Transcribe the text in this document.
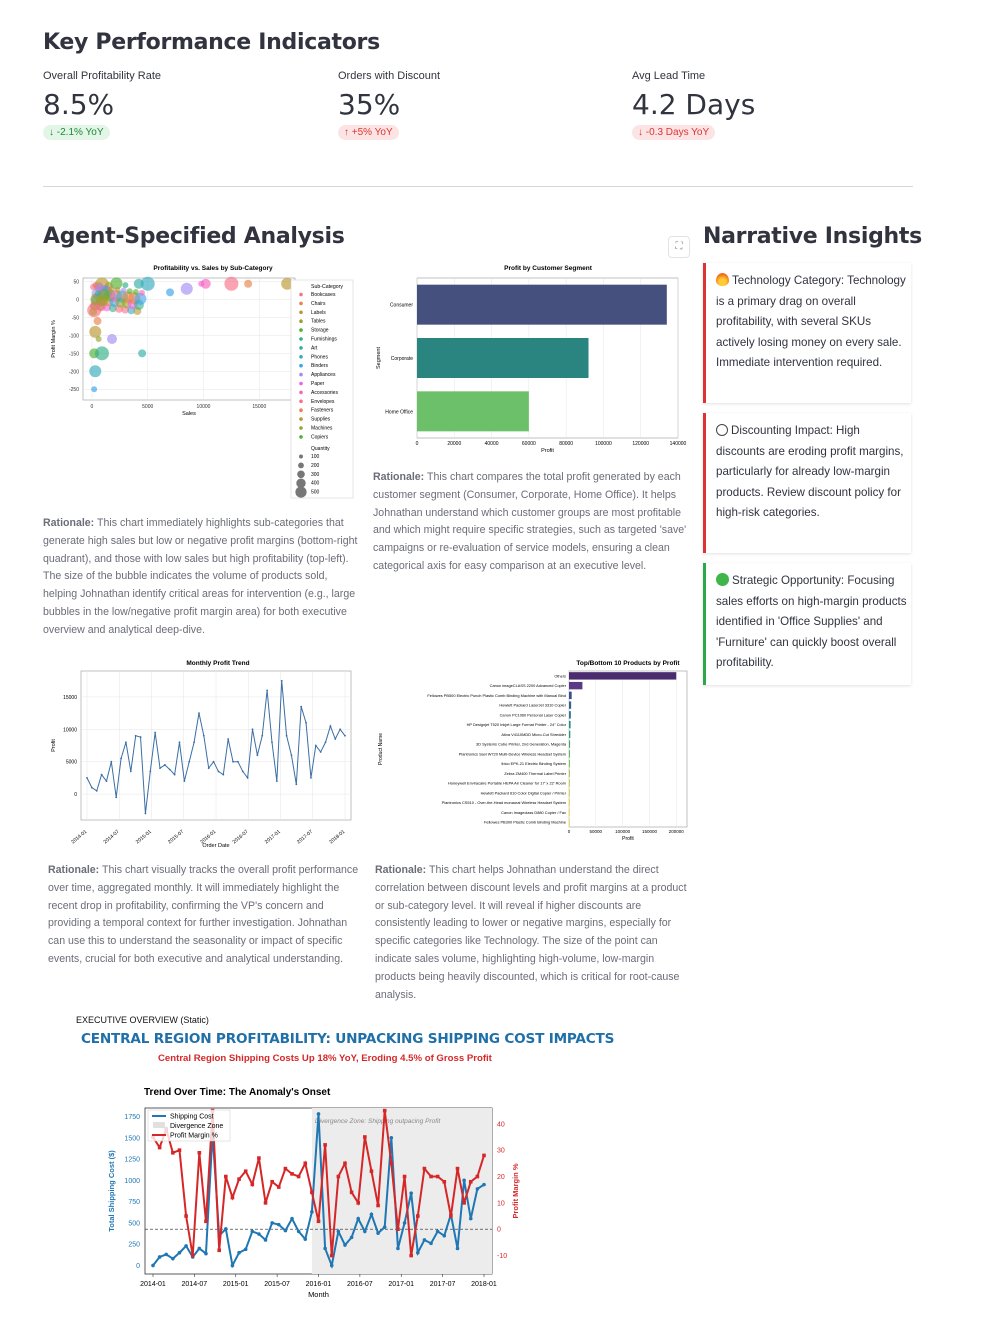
Key Performance Indicators
Overall Profitability Rate
8.5%
↓ -2.1% YoY
Orders with Discount
35%
↑ +5% YoY
Avg Lead Time
4.2 Days
↓ -0.3 Days YoY
Agent-Specified Analysis	⛶ Narrative Insights
Profitability vs. Sales by Sub-Category
50
0
-50
-100
-150
-200
-250
0	5000	10000	15000
Sales
Profit Margin %
Sub-Category
Bookcases
Chairs
Labels
Tables
Storage
Furnishings
Art
Phones
Binders
Appliances
Paper
Accessories
Envelopes
Fasteners
Supplies
Machines
Copiers
Quantity
100
200
300
400
500
Profit by Customer Segment
0	20000	40000	60000	80000	100000	120000	140000
Consumer
Corporate
Home Office
Profit
Segment
Rationale: This chart immediately highlights sub-categories that generate high sales but low or negative profit margins (bottom-right quadrant), and those with low sales but high profitability (top-left). The size of the bubble indicates the volume of products sold, helping Johnathan identify critical areas for intervention (e.g., large bubbles in the low/negative profit margin area) for both executive overview and analytical deep-dive.
Rationale: This chart compares the total profit generated by each customer segment (Consumer, Corporate, Home Office). It helps Johnathan understand which customer groups are most profitable and which might require specific strategies, such as targeted 'save' campaigns or re-evaluation of service models, ensuring a clean categorical axis for easy comparison at an executive level.
Monthly Profit Trend
15000
10000
5000
0
2014-01	2014-07	2015-01	2015-07	2016-01	2016-07	2017-01	2017-07	2018-01
Order Date
Profit
Top/Bottom 10 Products by Profit
0	50000	100000	150000	200000
Others
Canon imageCLASS 2200 Advanced Copier
Fellowes PB500 Electric Punch Plastic Comb Binding Machine with Manual Bind
Hewlett Packard LaserJet 3310 Copier
Canon PC1060 Personal Laser Copier
HP Designjet T520 Inkjet Large Format Printer - 24" Color
Ativa V4110MDD Micro-Cut Shredder
3D Systems Cube Printer, 2nd Generation, Magenta
Plantronics Savi W720 Multi-Device Wireless Headset System
Ibico EPK-21 Electric Binding System
Zebra ZM400 Thermal Label Printer
Honeywell Enviracaire Portable HEPA Air Cleaner for 17' x 22' Room
Hewlett Packard 610 Color Digital Copier / Printer
Plantronics CS510 - Over-the-Head monaural Wireless Headset System
Canon Imageclass D880 Copier / Fax
Fellowes PB300 Plastic Comb Binding Machine
Profit
Product Name
Rationale: This chart visually tracks the overall profit performance over time, aggregated monthly. It will immediately highlight the recent drop in profitability, confirming the VP's concern and providing a temporal context for further investigation. Johnathan can use this to understand the seasonality or impact of specific events, crucial for both executive and analytical understanding.
Rationale: This chart helps Johnathan understand the direct correlation between discount levels and profit margins at a product or sub-category level. It will reveal if higher discounts are consistently leading to lower or negative margins, especially for specific categories like Technology. The size of the point can indicate sales volume, highlighting high-volume, low-margin products being heavily discounted, which is critical for root-cause analysis.
Technology Category: Technology is a primary drag on overall profitability, with several SKUs actively losing money on every sale. Immediate intervention required.
Discounting Impact: High discounts are eroding profit margins, particularly for already low-margin products. Review discount policy for high-risk categories.
Strategic Opportunity: Focusing sales efforts on high-margin products identified in 'Office Supplies' and 'Furniture' can quickly boost overall profitability.
EXECUTIVE OVERVIEW (Static)
CENTRAL REGION PROFITABILITY: UNPACKING SHIPPING COST IMPACTS
Central Region Shipping Costs Up 18% YoY, Eroding 4.5% of Gross Profit
Trend Over Time: The Anomaly's Onset
Divergence Zone: Shipping outpacing Profit
1750
1500
1250
1000
750
500
250
0
40
30
20
10
0
-10
2014-01 2014-07 2015-01 2015-07 2016-01 2016-07 2017-01 2017-07 2018-01
Shipping Cost
Divergence Zone
Profit Margin %
Month
Total Shipping Cost ($)	Profit Margin %
